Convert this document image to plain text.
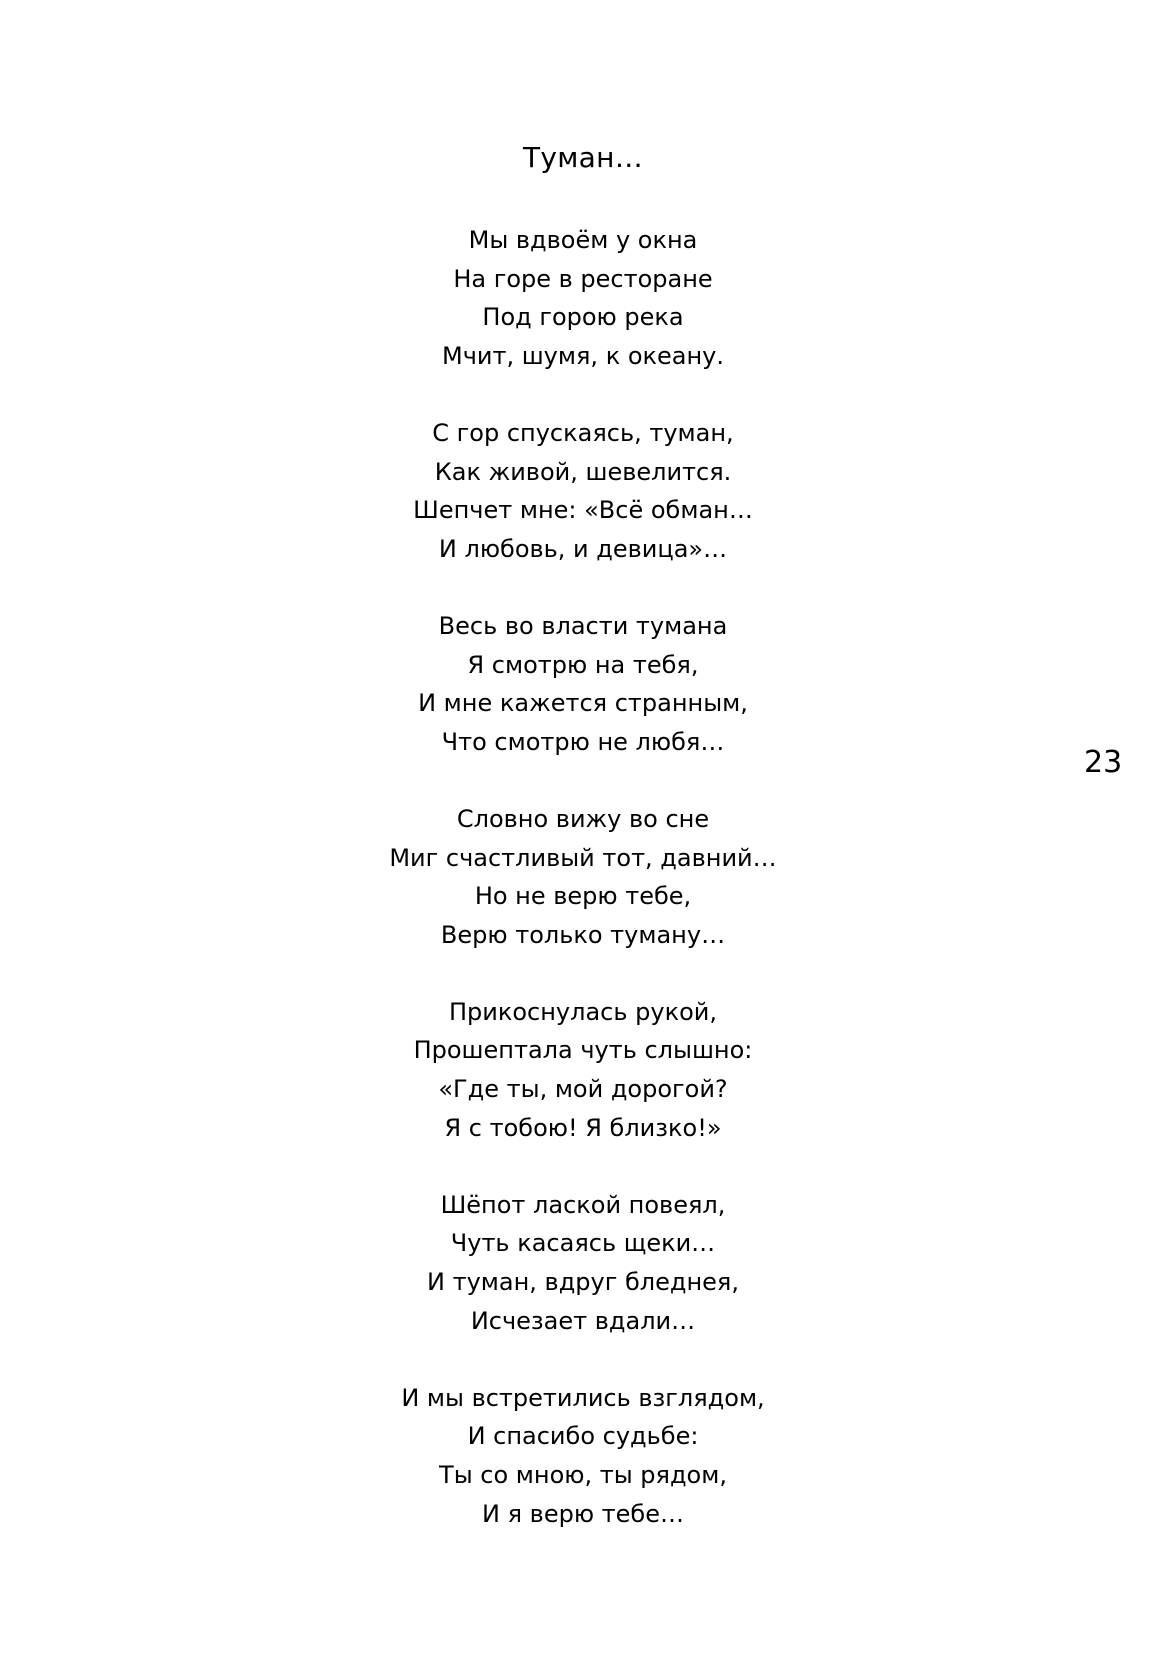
Туман…
Мы вдвоём у окна
На горе в ресторане
Под горою река
Мчит, шумя, к океану.
С гор спускаясь, туман,
Как живой, шевелится.
Шепчет мне: «Всё обман…
И любовь, и девица»…
Весь во власти тумана
Я смотрю на тебя,
И мне кажется странным,
Что смотрю не любя…
Словно вижу во сне
Миг счастливый тот, давний…
Но не верю тебе,
Верю только туману…
Прикоснулась рукой,
Прошептала чуть слышно:
«Где ты, мой дорогой?
Я с тобою! Я близко!»
Шёпот лаской повеял,
Чуть касаясь щеки…
И туман, вдруг бледнея,
Исчезает вдали…
И мы встретились взглядом,
И спасибо судьбе:
Ты со мною, ты рядом,
И я верю тебе…
23
